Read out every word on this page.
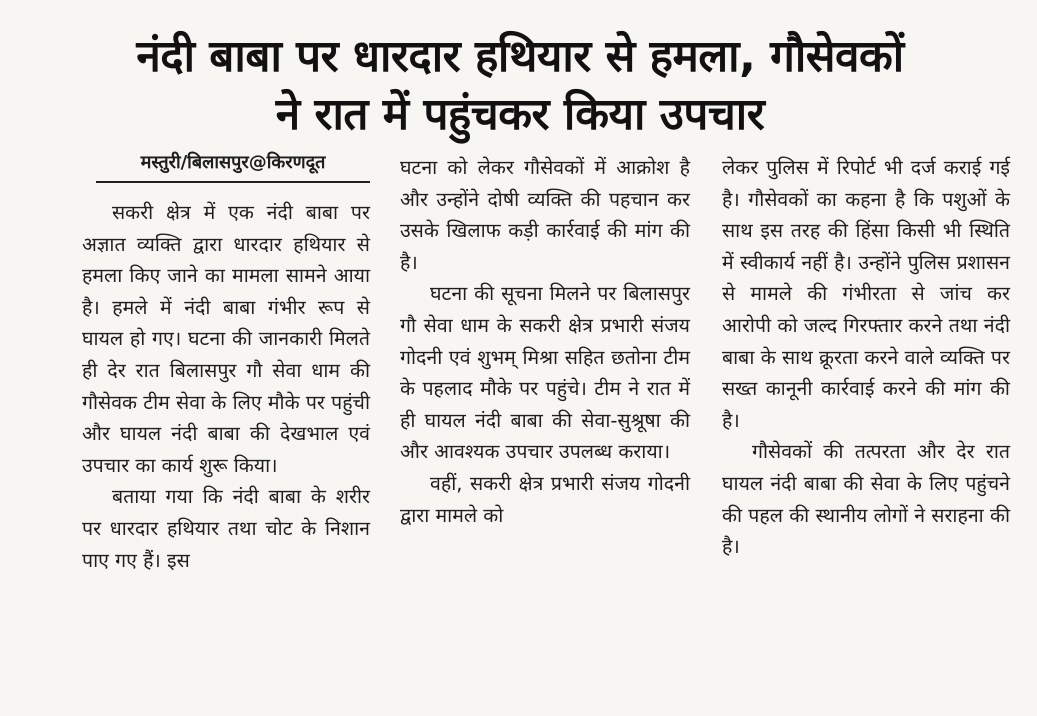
नंदी बाबा पर धारदार हथियार से हमला, गौसेवकों
ने रात में पहुंचकर किया उपचार
मस्तुरी/बिलासपुर@किरणदूत

सकरी क्षेत्र में एक नंदी बाबा पर अज्ञात व्यक्ति द्वारा धारदार हथियार से हमला किए जाने का मामला सामने आया है। हमले में नंदी बाबा गंभीर रूप से घायल हो गए। घटना की जानकारी मिलते ही देर रात बिलासपुर गौ सेवा धाम की गौसेवक टीम सेवा के लिए मौके पर पहुंची और घायल नंदी बाबा की देखभाल एवं उपचार का कार्य शुरू किया।

बताया गया कि नंदी बाबा के शरीर पर धारदार हथियार तथा चोट के निशान पाए गए हैं। इस

घटना को लेकर गौसेवकों में आक्रोश है और उन्होंने दोषी व्यक्ति की पहचान कर उसके खिलाफ कड़ी कार्रवाई की मांग की है।

घटना की सूचना मिलने पर बिलासपुर गौ सेवा धाम के सकरी क्षेत्र प्रभारी संजय गोदनी एवं शुभम् मिश्रा सहित छतोना टीम के पहलाद मौके पर पहुंचे। टीम ने रात में ही घायल नंदी बाबा की सेवा-सुश्रूषा की और आवश्यक उपचार उपलब्ध कराया।

वहीं, सकरी क्षेत्र प्रभारी संजय गोदनी द्वारा मामले को

लेकर पुलिस में रिपोर्ट भी दर्ज कराई गई है। गौसेवकों का कहना है कि पशुओं के साथ इस तरह की हिंसा किसी भी स्थिति में स्वीकार्य नहीं है। उन्होंने पुलिस प्रशासन से मामले की गंभीरता से जांच कर आरोपी को जल्द गिरफ्तार करने तथा नंदी बाबा के साथ क्रूरता करने वाले व्यक्ति पर सख्त कानूनी कार्रवाई करने की मांग की है।

गौसेवकों की तत्परता और देर रात घायल नंदी बाबा की सेवा के लिए पहुंचने की पहल की स्थानीय लोगों ने सराहना की है।
